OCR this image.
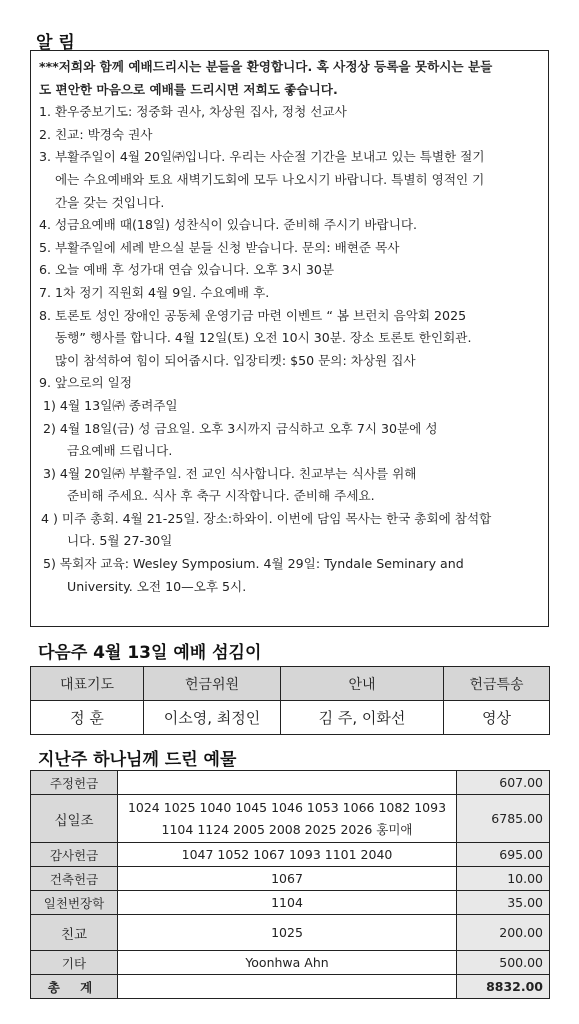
알 림

***저희와 함께 예배드리시는 분들을 환영합니다. 혹 사정상 등록을 못하시는 분들

도 편안한 마음으로 예배를 드리시면 저희도 좋습니다.

1. 환우중보기도: 정중화 권사, 차상원 집사, 정청 선교사

2. 친교: 박경숙 권사

3. 부활주일이 4월 20일㈜입니다. 우리는 사순절 기간을 보내고 있는 특별한 절기

에는 수요예배와 토요 새벽기도회에 모두 나오시기 바랍니다. 특별히 영적인 기

간을 갖는 것입니다.

4. 성금요예배 때(18일) 성찬식이 있습니다. 준비해 주시기 바랍니다.

5. 부활주일에 세례 받으실 분들 신청 받습니다. 문의: 배현준 목사

6. 오늘 예배 후 성가대 연습 있습니다. 오후 3시 30분

7. 1차 정기 직원회 4월 9일. 수요예배 후.

8. 토론토 성인 장애인 공동체 운영기금 마련 이벤트 “ 봄 브런치 음악회 2025

동행” 행사를 합니다. 4월 12일(토) 오전 10시 30분. 장소 토론토 한인회관.

많이 참석하여 힘이 되어줍시다. 입장티켓: $50 문의: 차상원 집사

9. 앞으로의 일정

1) 4월 13일㈜ 종려주일

2) 4월 18일(금) 성 금요일. 오후 3시까지 금식하고 오후 7시 30분에 성

금요예배 드립니다.

3) 4월 20일㈜ 부활주일. 전 교인 식사합니다. 친교부는 식사를 위해

준비해 주세요. 식사 후 축구 시작합니다. 준비해 주세요.

4 ) 미주 총회. 4월 21-25일. 장소:하와이. 이번에 담임 목사는 한국 총회에 참석합

니다. 5월 27-30일

5) 목회자 교육: Wesley Symposium. 4월 29일: Tyndale Seminary and

University. 오전 10—오후 5시.

다음주 4월 13일 예배 섬김이
대표기도	헌금위원	안내	헌금특송
정 훈	이소영, 최정인	김 주, 이화선	영상
지난주 하나님께 드린 예물
주정헌금		607.00
십일조	1024 1025 1040 1045 1046 1053 1066 1082 1093
1104 1124 2005 2008 2025 2026 홍미애	6785.00
감사헌금	1047 1052 1067 1093 1101 2040	695.00
건축헌금	1067	10.00
일천번장학	1104	35.00
친교	1025	200.00
기타	Yoonhwa Ahn	500.00
총 계		8832.00
